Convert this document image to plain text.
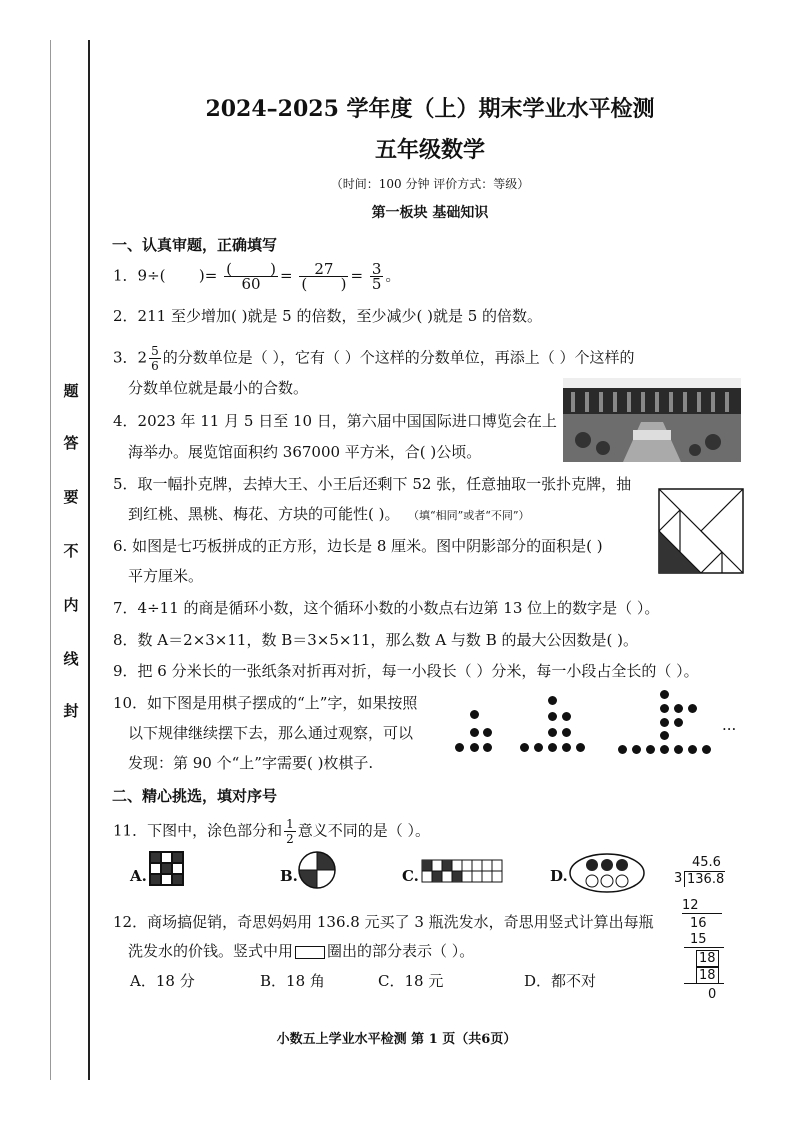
题
答
要
不
内
线
封
2024–2025 学年度（上）期末学业水平检测
五年级数学
（时间：100 分钟 评价方式：等级）
第一板块 基础知识
一、认真审题，正确填写
1．9÷( )= (	)
$60 = \frac{27}{( )} = \frac{3}{5}$ 。
2．211 至少增加( )就是 5 的倍数，至少减少( )就是 5 的倍数。
3．$2 \frac{5}{6}$ 的分数单位是（ ），它有（ ）个这样的分数单位，再添上（ ）个这样的
分数单位就是最小的合数。
4．2023 年 11 月 5 日至 10 日，第六届中国国际进口博览会在上
海举办。展览馆面积约 367000 平方米，合( )公顷。
5．取一幅扑克牌，去掉大王、小王后还剩下 52 张，任意抽取一张扑克牌，抽
到红桃、黑桃、梅花、方块的可能性( )。 （填“相同”或者“不同”）
6. 如图是七巧板拼成的正方形，边长是 8 厘米。图中阴影部分的面积是( )
平方厘米。
7．4÷11 的商是循环小数，这个循环小数的小数点右边第 13 位上的数字是（ ）。
8．数 A＝2×3×11，数 B＝3×5×11，那么数 A 与数 B 的最大公因数是( )。
9．把 6 分米长的一张纸条对折再对折，每一小段长（ ）分米，每一小段占全长的（ ）。
10．如下图是用棋子摆成的“上”字，如果按照
以下规律继续摆下去，那么通过观察，可以
发现：第 90 个“上”字需要( )枚棋子.
···
二、精心挑选，填对序号
11．下图中，涂色部分和 $\frac{1}{2}$ 意义不同的是（ ）。
A.	B.	C.	D.
12．商场搞促销，奇思妈妈用 136.8 元买了 3 瓶洗发水，奇思用竖式计算出每瓶
洗发水的价钱。竖式中用 圈出的部分表示（ ）。
A．18 分	B．18 角	C．18 元	D．都不对
45.6
3 136.8
12
16
15
18
18
0
小数五上学业水平检测 第 1 页（共6页）
